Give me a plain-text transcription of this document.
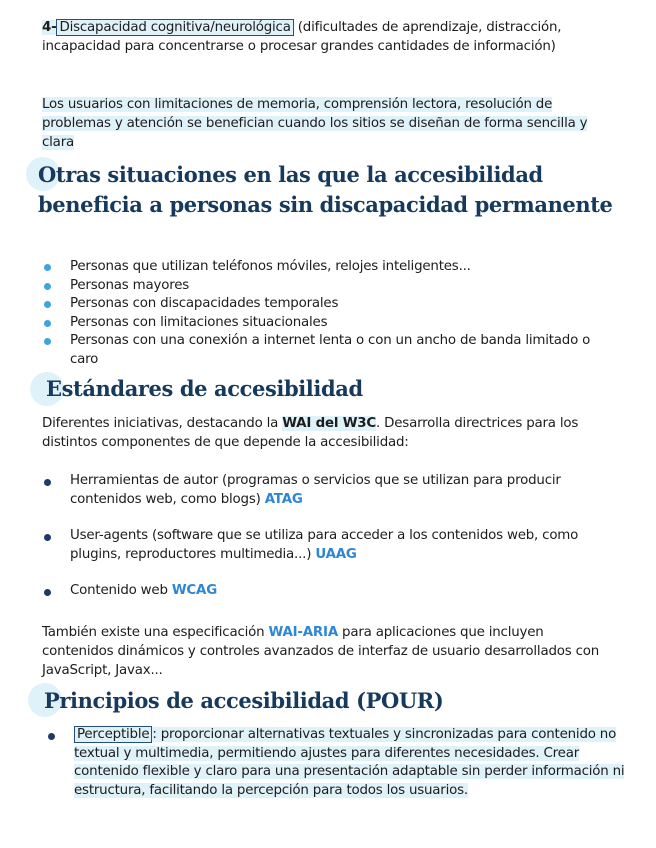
4- Discapacidad cognitiva/neurológica (dificultades de aprendizaje, distracción, incapacidad para concentrarse o procesar grandes cantidades de información)
Los usuarios con limitaciones de memoria, comprensión lectora, resolución de problemas y atención se benefician cuando los sitios se diseñan de forma sencilla y clara
Otras situaciones en las que la accesibilidad beneficia a personas sin discapacidad permanente
Personas que utilizan teléfonos móviles, relojes inteligentes...
Personas mayores
Personas con discapacidades temporales
Personas con limitaciones situacionales
Personas con una conexión a internet lenta o con un ancho de banda limitado o caro
Estándares de accesibilidad
Diferentes iniciativas, destacando la WAI del W3C. Desarrolla directrices para los distintos componentes de que depende la accesibilidad:
Herramientas de autor (programas o servicios que se utilizan para producir contenidos web, como blogs) ATAG
User-agents (software que se utiliza para acceder a los contenidos web, como plugins, reproductores multimedia...) UAAG
Contenido web WCAG
También existe una especificación WAI-ARIA para aplicaciones que incluyen contenidos dinámicos y controles avanzados de interfaz de usuario desarrollados con JavaScript, Javax...
Principios de accesibilidad (POUR)
Perceptible : proporcionar alternativas textuales y sincronizadas para contenido no textual y multimedia, permitiendo ajustes para diferentes necesidades. Crear contenido flexible y claro para una presentación adaptable sin perder información ni estructura, facilitando la percepción para todos los usuarios.
